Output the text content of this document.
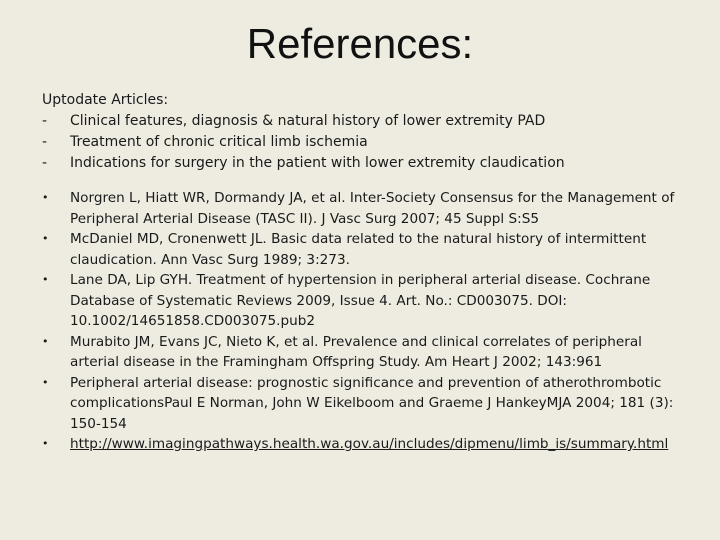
References:
Uptodate Articles:
- Clinical features, diagnosis & natural history of lower extremity PAD
- Treatment of chronic critical limb ischemia
- Indications for surgery in the patient with lower extremity claudication
• Norgren L, Hiatt WR, Dormandy JA, et al. Inter-Society Consensus for the Management of Peripheral Arterial Disease (TASC II). J Vasc Surg 2007; 45 Suppl S:S5
• McDaniel MD, Cronenwett JL. Basic data related to the natural history of intermittent claudication. Ann Vasc Surg 1989; 3:273.
• Lane DA, Lip GYH. Treatment of hypertension in peripheral arterial disease. Cochrane Database of Systematic Reviews 2009, Issue 4. Art. No.: CD003075. DOI: 10.1002/14651858.CD003075.pub2
• Murabito JM, Evans JC, Nieto K, et al. Prevalence and clinical correlates of peripheral arterial disease in the Framingham Offspring Study. Am Heart J 2002; 143:961
• Peripheral arterial disease: prognostic significance and prevention of atherothrombotic complicationsPaul E Norman, John W Eikelboom and Graeme J HankeyMJA 2004; 181 (3): 150-154
• http://www.imagingpathways.health.wa.gov.au/includes/dipmenu/limb_is/summary.html
